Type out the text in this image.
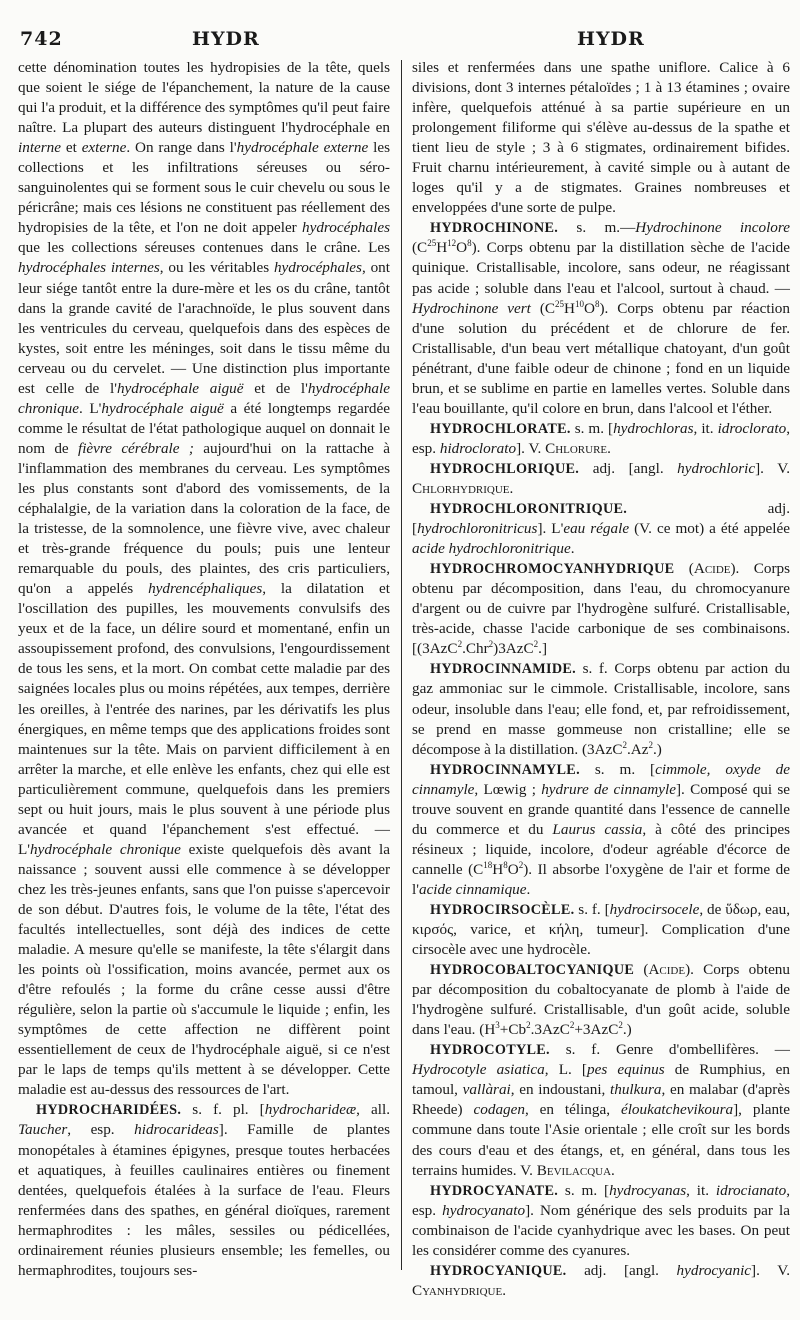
742	HYDR	HYDR

cette dénomination toutes les hydropisies de la tête, quels que soient le siége de l'épanchement, la nature de la cause qui l'a produit, et la différence des symptômes qu'il peut faire naître. La plupart des auteurs distinguent l'hydrocéphale en interne et externe. On range dans l'hydrocéphale externe les collections et les infiltrations séreuses ou séro-sanguinolentes qui se forment sous le cuir chevelu ou sous le péricrâne; mais ces lésions ne constituent pas réellement des hydropisies de la tête, et l'on ne doit appeler hydrocéphales que les collections séreuses contenues dans le crâne. Les hydrocéphales internes, ou les véritables hydrocéphales, ont leur siége tantôt entre la dure-mère et les os du crâne, tantôt dans la grande cavité de l'arachnoïde, le plus souvent dans les ventricules du cerveau, quelquefois dans des espèces de kystes, soit entre les méninges, soit dans le tissu même du cerveau ou du cervelet. — Une distinction plus importante est celle de l'hydrocéphale aiguë et de l'hydrocéphale chronique. L'hydrocéphale aiguë a été longtemps regardée comme le résultat de l'état pathologique auquel on donnait le nom de fièvre cérébrale ; aujourd'hui on la rattache à l'inflammation des membranes du cerveau. Les symptômes les plus constants sont d'abord des vomissements, de la céphalalgie, de la variation dans la coloration de la face, de la tristesse, de la somnolence, une fièvre vive, avec chaleur et très-grande fréquence du pouls; puis une lenteur remarquable du pouls, des plaintes, des cris particuliers, qu'on a appelés hydrencéphaliques, la dilatation et l'oscillation des pupilles, les mouvements convulsifs des yeux et de la face, un délire sourd et momentané, enfin un assoupissement profond, des convulsions, l'engourdissement de tous les sens, et la mort. On combat cette maladie par des saignées locales plus ou moins répétées, aux tempes, derrière les oreilles, à l'entrée des narines, par les dérivatifs les plus énergiques, en même temps que des applications froides sont maintenues sur la tête. Mais on parvient difficilement à en arrêter la marche, et elle enlève les enfants, chez qui elle est particulièrement commune, quelquefois dans les premiers sept ou huit jours, mais le plus souvent à une période plus avancée et quand l'épanchement s'est effectué. — L'hydrocéphale chronique existe quelquefois dès avant la naissance ; souvent aussi elle commence à se développer chez les très-jeunes enfants, sans que l'on puisse s'apercevoir de son début. D'autres fois, le volume de la tête, l'état des facultés intellectuelles, sont déjà des indices de cette maladie. A mesure qu'elle se manifeste, la tête s'élargit dans les points où l'ossification, moins avancée, permet aux os d'être refoulés ; la forme du crâne cesse aussi d'être régulière, selon la partie où s'accumule le liquide ; enfin, les symptômes de cette affection ne diffèrent point essentiellement de ceux de l'hydrocéphale aiguë, si ce n'est par le laps de temps qu'ils mettent à se développer. Cette maladie est au-dessus des ressources de l'art.

HYDROCHARIDÉES. s. f. pl. [hydrocharideæ, all. Taucher, esp. hidrocarideas]. Famille de plantes monopétales à étamines épigynes, presque toutes herbacées et aquatiques, à feuilles caulinaires entières ou finement dentées, quelquefois étalées à la surface de l'eau. Fleurs renfermées dans des spathes, en général dioïques, rarement hermaphrodites : les mâles, sessiles ou pédicellées, ordinairement réunies plusieurs ensemble; les femelles, ou hermaphrodites, toujours ses-

siles et renfermées dans une spathe uniflore. Calice à 6 divisions, dont 3 internes pétaloïdes ; 1 à 13 étamines ; ovaire infère, quelquefois atténué à sa partie supérieure en un prolongement filiforme qui s'élève au-dessus de la spathe et tient lieu de style ; 3 à 6 stigmates, ordinairement bifides. Fruit charnu intérieurement, à cavité simple ou à autant de loges qu'il y a de stigmates. Graines nombreuses et enveloppées d'une sorte de pulpe.

HYDROCHINONE. s. m.—Hydrochinone incolore $(C^{25}H^{12}O^8)$. Corps obtenu par la distillation sèche de l'acide quinique. Cristallisable, incolore, sans odeur, ne réagissant pas acide ; soluble dans l'eau et l'alcool, surtout à chaud. — Hydrochinone vert $(C^{25}H^{10}O^8)$. Corps obtenu par réaction d'une solution du précédent et de chlorure de fer. Cristallisable, d'un beau vert métallique chatoyant, d'un goût pénétrant, d'une faible odeur de chinone ; fond en un liquide brun, et se sublime en partie en lamelles vertes. Soluble dans l'eau bouillante, qu'il colore en brun, dans l'alcool et l'éther.

HYDROCHLORATE. s. m. [hydrochloras, it. idroclorato, esp. hidroclorato]. V. Chlorure.

HYDROCHLORIQUE. adj. [angl. hydrochloric]. V. Chlorhydrique.

HYDROCHLORONITRIQUE. adj. [hydrochloronitricus]. L'eau régale (V. ce mot) a été appelée acide hydrochloronitrique.

HYDROCHROMOCYANHYDRIQUE (Acide). Corps obtenu par décomposition, dans l'eau, du chromocyanure d'argent ou de cuivre par l'hydrogène sulfuré. Cristallisable, très-acide, chasse l'acide carbonique de ses combinaisons. [(3AzC$^2$.Chr$^2$)3AzC$^2$.]

HYDROCINNAMIDE. s. f. Corps obtenu par action du gaz ammoniac sur le cimmole. Cristallisable, incolore, sans odeur, insoluble dans l'eau; elle fond, et, par refroidissement, se prend en masse gommeuse non cristalline; elle se décompose à la distillation. (3AzC$^2$.Az$^2$.)

HYDROCINNAMYLE. s. m. [cimmole, oxyde de cinnamyle, Lœwig ; hydrure de cinnamyle]. Composé qui se trouve souvent en grande quantité dans l'essence de cannelle du commerce et du Laurus cassia, à côté des principes résineux ; liquide, incolore, d'odeur agréable d'écorce de cannelle $(C^{18}H^8O^2)$. Il absorbe l'oxygène de l'air et forme de l'acide cinnamique.

HYDROCIRSOCÈLE. s. f. [hydrocirsocele, de ὕδωρ, eau, κιρσός, varice, et κήλη, tumeur]. Complication d'une cirsocèle avec une hydrocèle.

HYDROCOBALTOCYANIQUE (Acide). Corps obtenu par décomposition du cobaltocyanate de plomb à l'aide de l'hydrogène sulfuré. Cristallisable, d'un goût acide, soluble dans l'eau. $(H^3+Cb^2.3AzC^2+3AzC^2.)$

HYDROCOTYLE. s. f. Genre d'ombellifères. — Hydrocotyle asiatica, L. [pes equinus de Rumphius, en tamoul, vallàrai, en indoustani, thulkura, en malabar (d'après Rheede) codagen, en télinga, éloukatchevikoura], plante commune dans toute l'Asie orientale ; elle croît sur les bords des cours d'eau et des étangs, et, en général, dans tous les terrains humides. V. Bevilacqua.

HYDROCYANATE. s. m. [hydrocyanas, it. idrocianato, esp. hydrocyanato]. Nom générique des sels produits par la combinaison de l'acide cyanhydrique avec les bases. On peut les considérer comme des cyanures.

HYDROCYANIQUE. adj. [angl. hydrocyanic]. V. Cyanhydrique.
